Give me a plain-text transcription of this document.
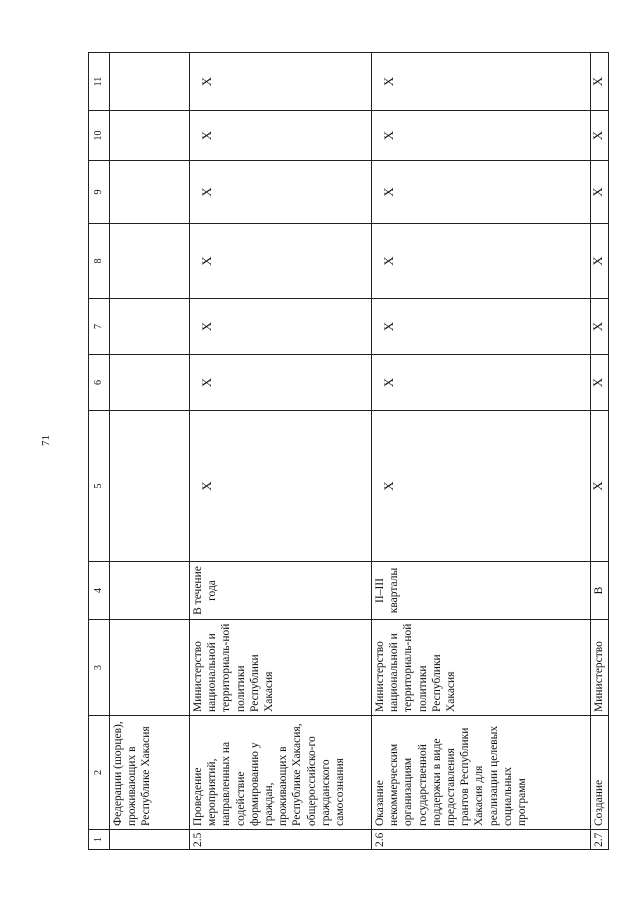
71
1	2	3	4	5	6	7	8	9	10	11
	Федерации (шорцев), проживающих в Республике Хакасия									
2.5	Проведение мероприятий, направленных на содействие формированию у граждан, проживающих в Республике Хакасия, общероссийско-го гражданского самосознания	Министерство национальной и территориаль-ной политики Республики Хакасия	В течение года	Х	Х	Х	Х	Х	Х	Х
2.6	Оказание некоммерческим организациям государственной поддержки в виде предоставления грантов Республики Хакасия для реализации целевых социальных программ	Министерство национальной и территориаль-ной политики Республики Хакасия	II–III кварталы	Х	Х	Х	Х	Х	Х	Х
2.7	Создание	Министерство	В	Х	Х	Х	Х	Х	Х	Х
